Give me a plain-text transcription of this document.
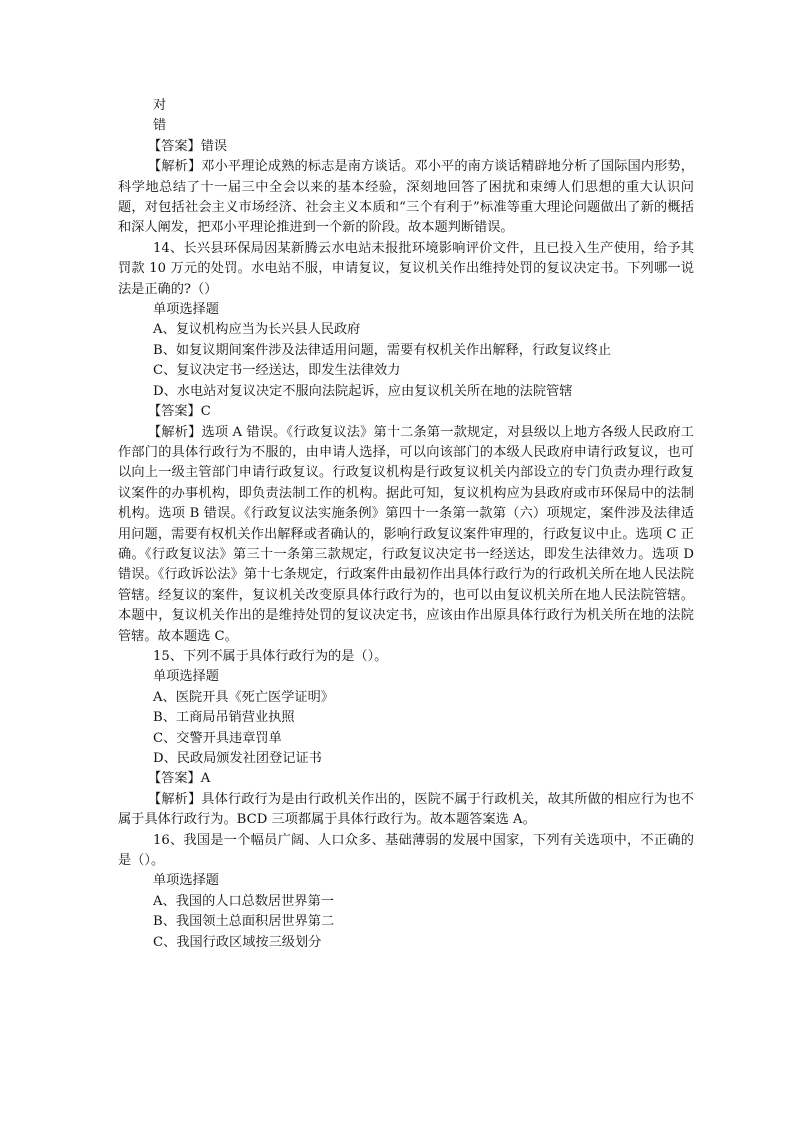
对

错

【答案】错误

【解析】邓小平理论成熟的标志是南方谈话。邓小平的南方谈话精辟地分析了国际国内形势，科学地总结了十一届三中全会以来的基本经验，深刻地回答了困扰和束缚人们思想的重大认识问题，对包括社会主义市场经济、社会主义本质和“三个有利于”标准等重大理论问题做出了新的概括和深人阐发，把邓小平理论推进到一个新的阶段。故本题判断错误。

14、长兴县环保局因某新腾云水电站未报批环境影响评价文件，且已投入生产使用，给予其罚款 10 万元的处罚。水电站不服，申请复议，复议机关作出维持处罚的复议决定书。下列哪一说法是正确的?（）

单项选择题

A、复议机构应当为长兴县人民政府

B、如复议期间案件涉及法律适用问题，需要有权机关作出解释，行政复议终止

C、复议决定书一经送达，即发生法律效力

D、水电站对复议决定不服向法院起诉，应由复议机关所在地的法院管辖

【答案】C

【解析】选项 A 错误。《行政复议法》第十二条第一款规定，对县级以上地方各级人民政府工作部门的具体行政行为不服的，由申请人选择，可以向该部门的本级人民政府申请行政复议，也可以向上一级主管部门申请行政复议。行政复议机构是行政复议机关内部设立的专门负责办理行政复议案件的办事机构，即负责法制工作的机构。据此可知，复议机构应为县政府或市环保局中的法制机构。选项 B 错误。《行政复议法实施条例》第四十一条第一款第（六）项规定，案件涉及法律适用问题，需要有权机关作出解释或者确认的，影响行政复议案件审理的，行政复议中止。选项 C 正确。《行政复议法》第三十一条第三款规定，行政复议决定书一经送达，即发生法律效力。选项 D 错误。《行政诉讼法》第十七条规定，行政案件由最初作出具体行政行为的行政机关所在地人民法院管辖。经复议的案件，复议机关改变原具体行政行为的，也可以由复议机关所在地人民法院管辖。本题中，复议机关作出的是维持处罚的复议决定书，应该由作出原具体行政行为机关所在地的法院管辖。故本题选 C。

15、下列不属于具体行政行为的是（）。

单项选择题

A、医院开具《死亡医学证明》

B、工商局吊销营业执照

C、交警开具违章罚单

D、民政局颁发社团登记证书

【答案】A

【解析】具体行政行为是由行政机关作出的，医院不属于行政机关，故其所做的相应行为也不属于具体行政行为。BCD 三项都属于具体行政行为。故本题答案选 A。

16、我国是一个幅员广阔、人口众多、基础薄弱的发展中国家，下列有关选项中，不正确的是（）。

单项选择题

A、我国的人口总数居世界第一

B、我国领土总面积居世界第二

C、我国行政区域按三级划分
